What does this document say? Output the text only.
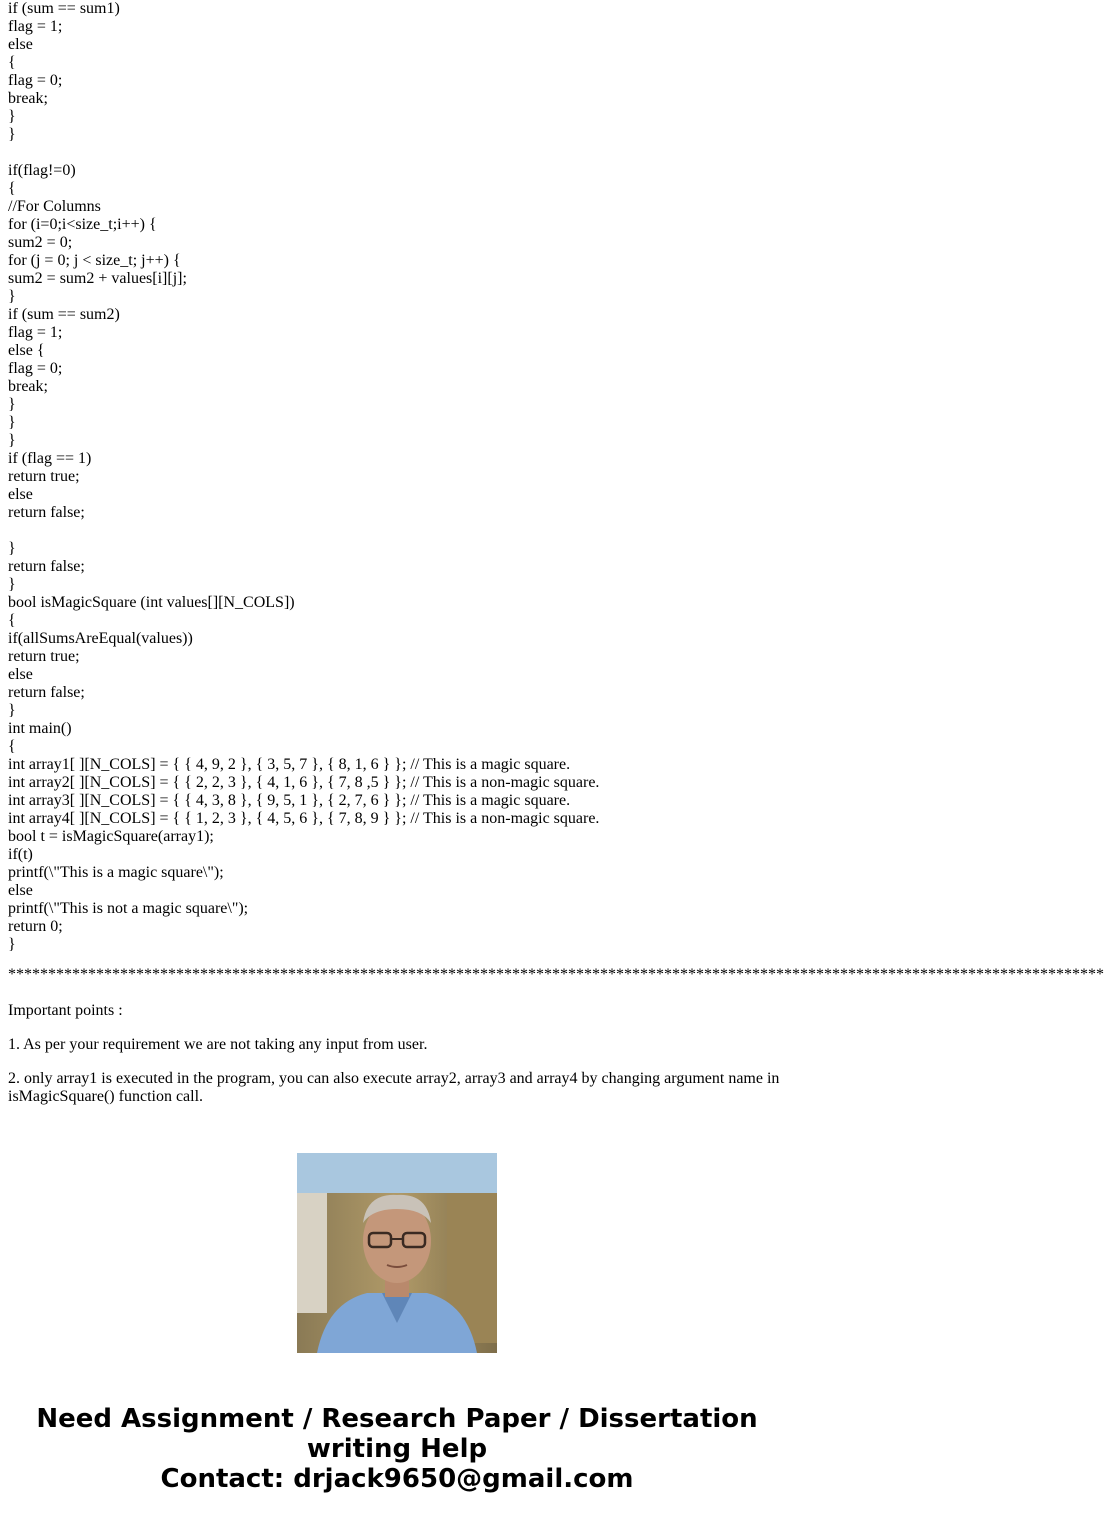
if (sum == sum1)
flag = 1;
else
{
flag = 0;
break;
}
}
if(flag!=0)
{
//For Columns
for (i=0;i<size_t;i++) {
sum2 = 0;
for (j = 0; j < size_t; j++) {
sum2 = sum2 + values[i][j];
}
if (sum == sum2)
flag = 1;
else {
flag = 0;
break;
}
}
}
if (flag == 1)
return true;
else
return false;
}
return false;
}
bool isMagicSquare (int values[][N_COLS])
{
if(allSumsAreEqual(values))
return true;
else
return false;
}
int main()
{
int array1[ ][N_COLS] = { { 4, 9, 2 }, { 3, 5, 7 }, { 8, 1, 6 } }; // This is a magic square.
int array2[ ][N_COLS] = { { 2, 2, 3 }, { 4, 1, 6 }, { 7, 8 ,5 } }; // This is a non-magic square.
int array3[ ][N_COLS] = { { 4, 3, 8 }, { 9, 5, 1 }, { 2, 7, 6 } }; // This is a magic square.
int array4[ ][N_COLS] = { { 1, 2, 3 }, { 4, 5, 6 }, { 7, 8, 9 } }; // This is a non-magic square.
bool t = isMagicSquare(array1);
if(t)
printf(\"This is a magic square\");
else
printf(\"This is not a magic square\");
return 0;
}
*****************************************************************************************************************************************
Important points :
1. As per your requirement we are not taking any input from user.
2. only array1 is executed in the program, you can also execute array2, array3 and array4 by changing argument name in isMagicSquare() function call.
Need Assignment / Research Paper / Dissertation
writing Help
Contact: drjack9650@gmail.com
